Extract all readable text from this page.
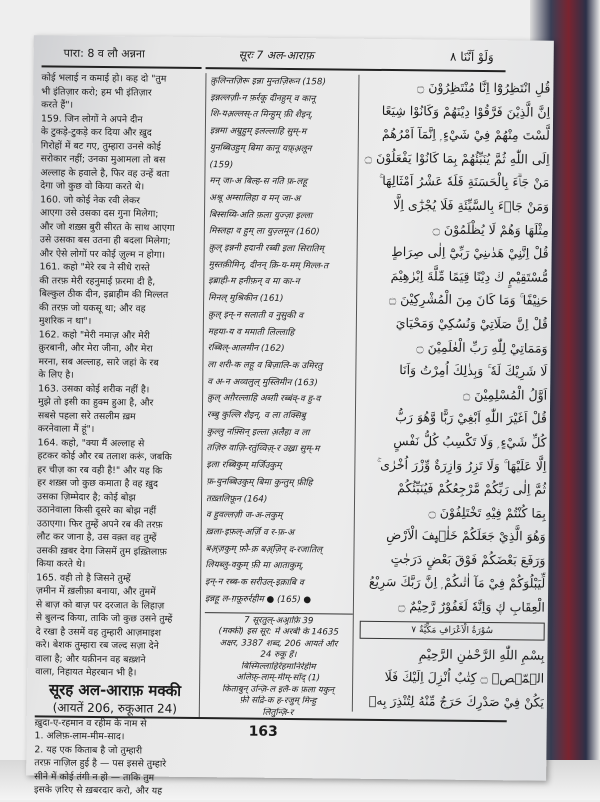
पारा: 8 व लौ अन्नना	सूरः 7 अल-आराफ़	وَلَوْ اَنَّنَا ٨
कोई भलाई न कमाई हो। कह दो "तुम
भी इंतिज़ार करो; हम भी इंतिज़ार
करते हैं"।
159. जिन लोगों ने अपने दीन
के टुकड़े-टुकड़े कर दिया और ख़ुद
गिरोहों में बट गए, तुम्हारा उनसे कोई
सरोकार नहीं; उनका मुआमला तो बस
अल्लाह के हवाले है, फिर वह उन्हें बता
देगा जो कुछ वो किया करते थे।
160. जो कोई नेक रवी लेकर
आएगा उसे उसका दस गुना मिलेगा;
और जो शख़्स बुरी सीरत के साथ आएगा
उसे उसका बस उतना ही बदला मिलेगा;
और ऐसे लोगों पर कोई ज़ुल्म न होगा।
161. कहो "मेरे रब ने सीधे रास्ते
की तरफ़ मेरी रहनुमाई फ़रमा दी है,
बिल्कुल ठीक दीन, इब्राहीम की मिल्लत
की तरफ़ जो यकसू था; और वह
मुशरिक न था"।
162. कहो "मेरी नमाज़ और मेरी
क़ुरबानी, और मेरा जीना, और मेरा
मरना, सब अल्लाह, सारे जहां के रब
के लिए है।
163. उसका कोई शरीक नहीं है।
मुझे तो इसी का हुक्म हुआ है, और
सबसे पहला सरे तसलीम ख़म
करनेवाला मैं हूं"।
164. कहो, "क्या मैं अल्लाह से
हटकर कोई और रब तलाश करूं, जबकि
हर चीज़ का रब वही है!" और यह कि
हर शख़्स जो कुछ कमाता है वह ख़ुद
उसका ज़िम्मेदार है; कोई बोझ
उठानेवाला किसी दूसरे का बोझ नहीं
उठाएगा। फिर तुम्हें अपने रब की तरफ़
लौट कर जाना है, उस वक़्त वह तुम्हें
उसकी ख़बर देगा जिसमें तुम इख़्तिलाफ़
किया करते थे।
165. वही तो है जिसने तुम्हें
ज़मीन में ख़लीफ़ा बनाया, और तुममें
से बाज़ को बाज़ पर दरजात के लिहाज़
से बुलन्द किया, ताकि जो कुछ उसने तुम्हें
दे रखा है उसमें वह तुम्हारी आज़माइश
करे। बेशक तुम्हारा रब जल्द सज़ा देने
वाला है; और यक़ीनन वह बख़्शने
वाला, निहायत मेहरबान भी है।
सूरह अल-आराफ़ मक्की
(आयतें 206, रुकूआत 24)
ख़ुदा-ए-रहमान व रहीम के नाम से
1. अलिफ़-लाम-मीम-साद।
2. यह एक किताब है जो तुम्हारी
तरफ़ नाज़िल हुई है — पस इससे तुम्हारे
सीने में कोई तंगी न हो — ताकि तुम
इसके ज़रिए से ख़बरदार करो, और यह
क़ुलिन्तज़िरू इन्ना मुन्तज़िरून (158)
इन्नल्लज़ी-न फ़र्रकू दीनहुम् व कानू
शि-यअ़ल्लस्-त मिन्हुम् फ़ी शैइन्,
इन्नमा अम्रुहुम् इलल्लाहि सुम्-म
युनब्बिउहुम् बिमा कानू यफ़्अ़लून
(159)
मन् जा-अ बिल्ह-स नति फ़-लहू
अश्रू अम्सालिहा व मन् जा-अ
बिस्सय्यि-अति फ़ला युज्ज़ा इल्ला
मिस्लहा व हुम् ला युज़्लमून (160)
क़ुल् इन्ननी हदानी रब्बी इला सिरातिम्
मुस्तक़ीमिन्, दीनन् क़ि-य-मम् मिल्ल-त
इब्राही-म हनीफ़न् व मा का-न
मिनल् मुश्रिकीन (161)
क़ुल् इन्-न सलाती व नुसुकी व
महया-य व ममाती लिल्लाहि
रब्बिल्-आलमीन (162)
ला शरी-क लहू व बिज़ालि-क उमिरतु
व अ-न अव्वलुल् मुस्लिमीन (163)
क़ुल् अग़ैरल्लाहि अब्ग़ी रब्बंव्-व हु-व
रब्बु कुल्लि शैइन्, व ला तक्सिबु
कुल्लु नफ़्सिन् इल्ला अ़लैहा व ला
तज़िरु वाज़ि-रतुंव्विज़्-र उख़्रा सुम्-म
इला रब्बिकुम् मर्जिउकुम्
फ़-युनब्बिउकुम् बिमा कुन्तुम् फ़ीहि
तख़्तलिफ़ून (164)
व हुवल्लज़ी ज-अ-लकुम्
ख़ला-इफ़ल्-अर्ज़ि व र-फ़-अ
बअ़्ज़कुम् फ़ौ-क़ बअ़्ज़िन् द-रजातिल्
लियब्लु-वकुम् फ़ी मा आताकुम्,
इन्-न रब्ब-क सरीउल्-इक़ाबि व
इन्नहू ल-ग़फ़ूरुर्रहीम ● (165) ●
7 सूरतुल्-अअ्राफ़ि 39
(मक्की) इस सूर: में अरबी के 14635
अक्षर, 3387 शब्द, 206 आयतें और
24 रुकू हैं।
बिस्मिल्लाहिर्रहमानिर्रहीम
अलिफ़्-लाम्-मीम्-सॉद् (1)
किताबुन् उन्ज़ि-ल इलै-क फ़ला यकुन्
फ़ी सद्रि-क ह-रजुम् मिन्हु
लितुन्ज़ि-र
قُلِ انْتَظِرُوْٓا اِنَّا مُنْتَظِرُوْنَ ۝
اِنَّ الَّذِيْنَ فَرَّقُوْا دِيْنَهُمْ وَكَانُوْا شِيَعًا
لَّسْتَ مِنْهُمْ فِيْ شَيْءٍ ۭ اِنَّمَآ اَمْرُهُمْ
اِلَى اللّٰهِ ثُمَّ يُنَبِّئُهُمْ بِمَا كَانُوْا يَفْعَلُوْنَ ۝
مَنْ جَاۗءَ بِالْحَسَنَةِ فَلَهٗ عَشْرُ اَمْثَالِهَا ۚ
وَمَنْ جَاۗءَ بِالسَّيِّئَةِ فَلَا يُجْزٰٓى اِلَّا
مِثْلَهَا وَهُمْ لَا يُظْلَمُوْنَ ۝
قُلْ اِنَّنِيْ هَدٰىنِيْ رَبِّيْٓ اِلٰى صِرَاطٍ
مُّسْتَقِيْمٍ ڬ دِيْنًا قِيَمًا مِّلَّةَ اِبْرٰهِيْمَ
حَنِيْفًا ۚ وَمَا كَانَ مِنَ الْمُشْرِكِيْنَ ۝
قُلْ اِنَّ صَلَاتِيْ وَنُسُكِيْ وَمَحْيَايَ
وَمَمَاتِيْ لِلّٰهِ رَبِّ الْعٰلَمِيْنَ ۝
لَا شَرِيْكَ لَهٗ ۚ وَبِذٰلِكَ اُمِرْتُ وَاَنَا
اَوَّلُ الْمُسْلِمِيْنَ ۝
قُلْ اَغَيْرَ اللّٰهِ اَبْغِيْ رَبًّا وَّهُوَ رَبُّ
كُلِّ شَيْءٍ ۭ وَلَا تَكْسِبُ كُلُّ نَفْسٍ
اِلَّا عَلَيْهَا ۚ وَلَا تَزِرُ وَازِرَةٌ وِّزْرَ اُخْرٰى ۚ
ثُمَّ اِلٰى رَبِّكُمْ مَّرْجِعُكُمْ فَيُنَبِّئُكُمْ
بِمَا كُنْتُمْ فِيْهِ تَخْتَلِفُوْنَ ۝
وَهُوَ الَّذِيْ جَعَلَكُمْ خَلٰۗىِٕفَ الْاَرْضِ
وَرَفَعَ بَعْضَكُمْ فَوْقَ بَعْضٍ دَرَجٰتٍ
لِّيَبْلُوَكُمْ فِيْ مَآ اٰتٰىكُمْ ۭ اِنَّ رَبَّكَ سَرِيْعُ
الْعِقَابِ ڮ وَاِنَّهٗ لَغَفُوْرٌ رَّحِيْمٌ ۝
سُوْرَةُ الْاَعْرَافِ مَكِّيَّةٌ ۷
بِسْمِ اللّٰهِ الرَّحْمٰنِ الرَّحِيْمِ
الۗمّۗصۗ ۝ كِتٰبٌ اُنْزِلَ اِلَيْكَ فَلَا
يَكُنْ فِيْ صَدْرِكَ حَرَجٌ مِّنْهُ لِتُنْذِرَ بِهٖ
163
